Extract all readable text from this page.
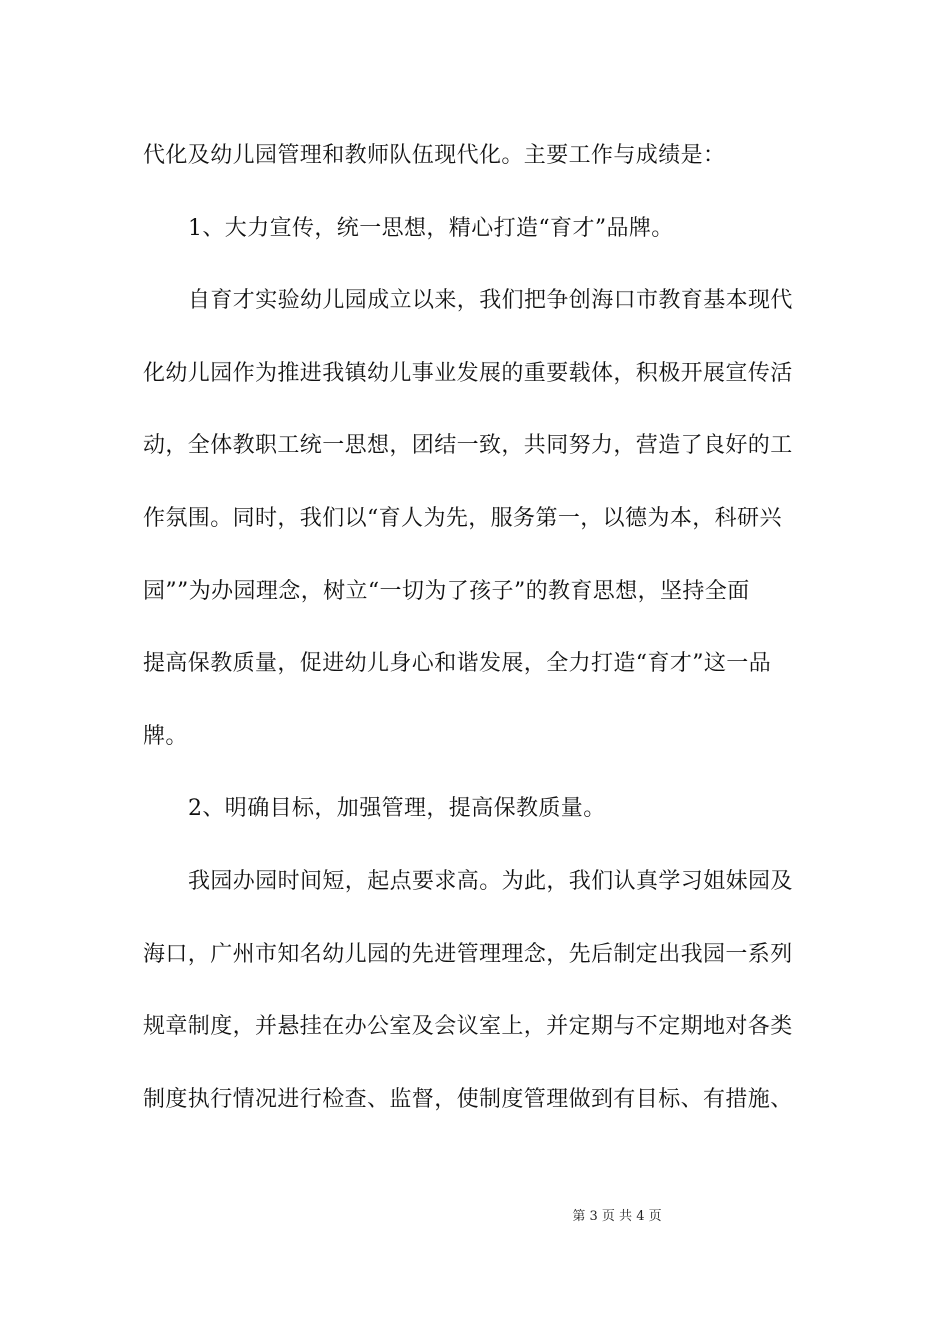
代化及幼儿园管理和教师队伍现代化。主要工作与成绩是：
1、大力宣传，统一思想，精心打造“育才”品牌。
自育才实验幼儿园成立以来，我们把争创海口市教育基本现代
化幼儿园作为推进我镇幼儿事业发展的重要载体，积极开展宣传活
动，全体教职工统一思想，团结一致，共同努力，营造了良好的工
作氛围。同时，我们以“育人为先，服务第一，以德为本，科研兴
园””为办园理念，树立“一切为了孩子”的教育思想，坚持全面
提高保教质量，促进幼儿身心和谐发展，全力打造“育才”这一品
牌。
2、明确目标，加强管理，提高保教质量。
我园办园时间短，起点要求高。为此，我们认真学习姐妹园及
海口，广州市知名幼儿园的先进管理理念，先后制定出我园一系列
规章制度，并悬挂在办公室及会议室上，并定期与不定期地对各类
制度执行情况进行检查、监督，使制度管理做到有目标、有措施、
第 3 页 共 4 页
